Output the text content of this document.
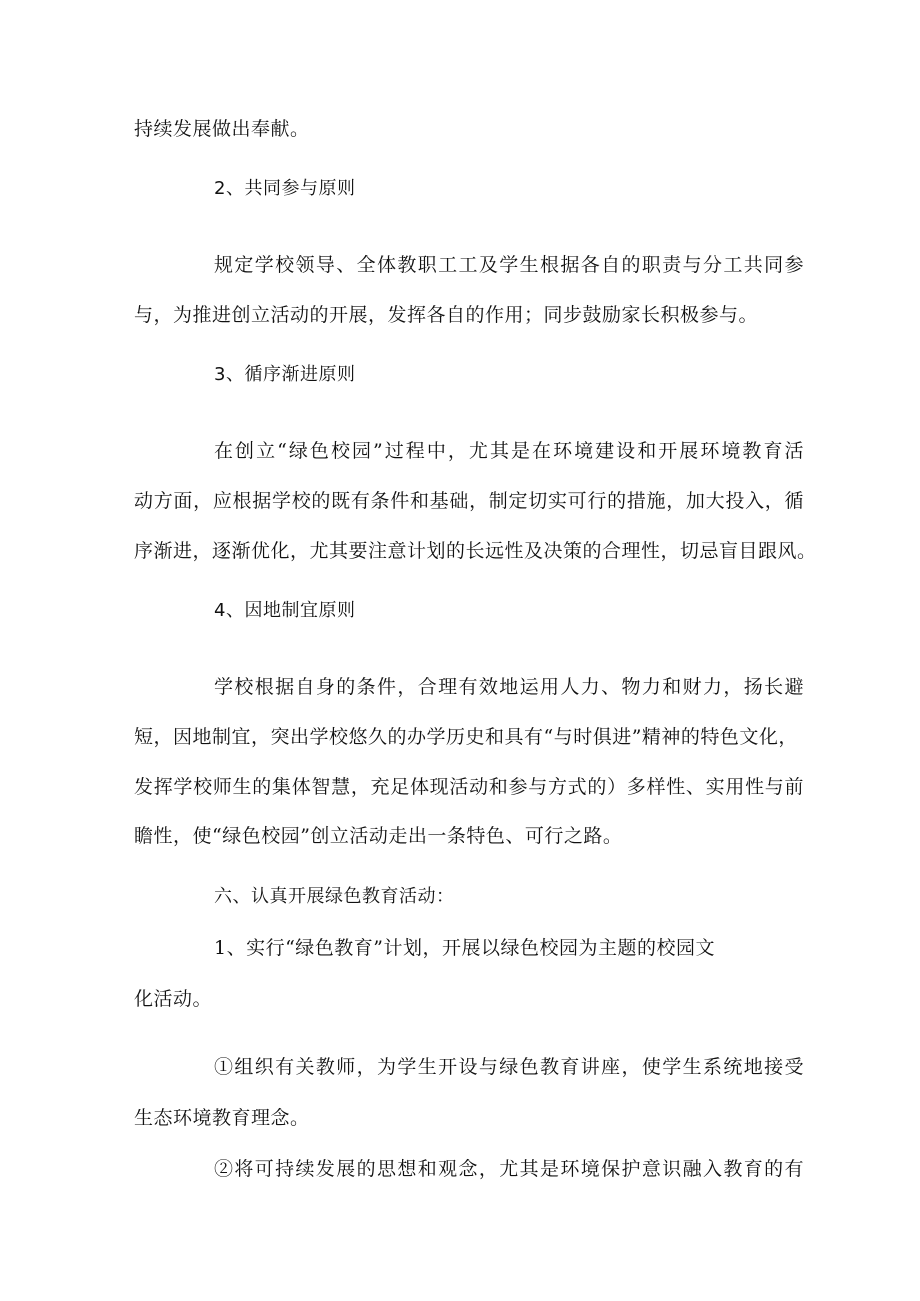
持续发展做出奉献。
2、共同参与原则
规定学校领导、全体教职工工及学生根据各自的职责与分工共同参
与，为推进创立活动的开展，发挥各自的作用；同步鼓励家长积极参与。
3、循序渐进原则
在创立“绿色校园”过程中，尤其是在环境建设和开展环境教育活
动方面，应根据学校的既有条件和基础，制定切实可行的措施，加大投入，循
序渐进，逐渐优化，尤其要注意计划的长远性及决策的合理性，切忌盲目跟风。
4、因地制宜原则
学校根据自身的条件，合理有效地运用人力、物力和财力，扬长避
短，因地制宜，突出学校悠久的办学历史和具有“与时俱进”精神的特色文化，
发挥学校师生的集体智慧，充足体现活动和参与方式的）多样性、实用性与前
瞻性，使“绿色校园”创立活动走出一条特色、可行之路。
六、认真开展绿色教育活动：
1、实行“绿色教育”计划，开展以绿色校园为主题的校园文
化活动。
①组织有关教师，为学生开设与绿色教育讲座，使学生系统地接受
生态环境教育理念。
②将可持续发展的思想和观念，尤其是环境保护意识融入教育的有
